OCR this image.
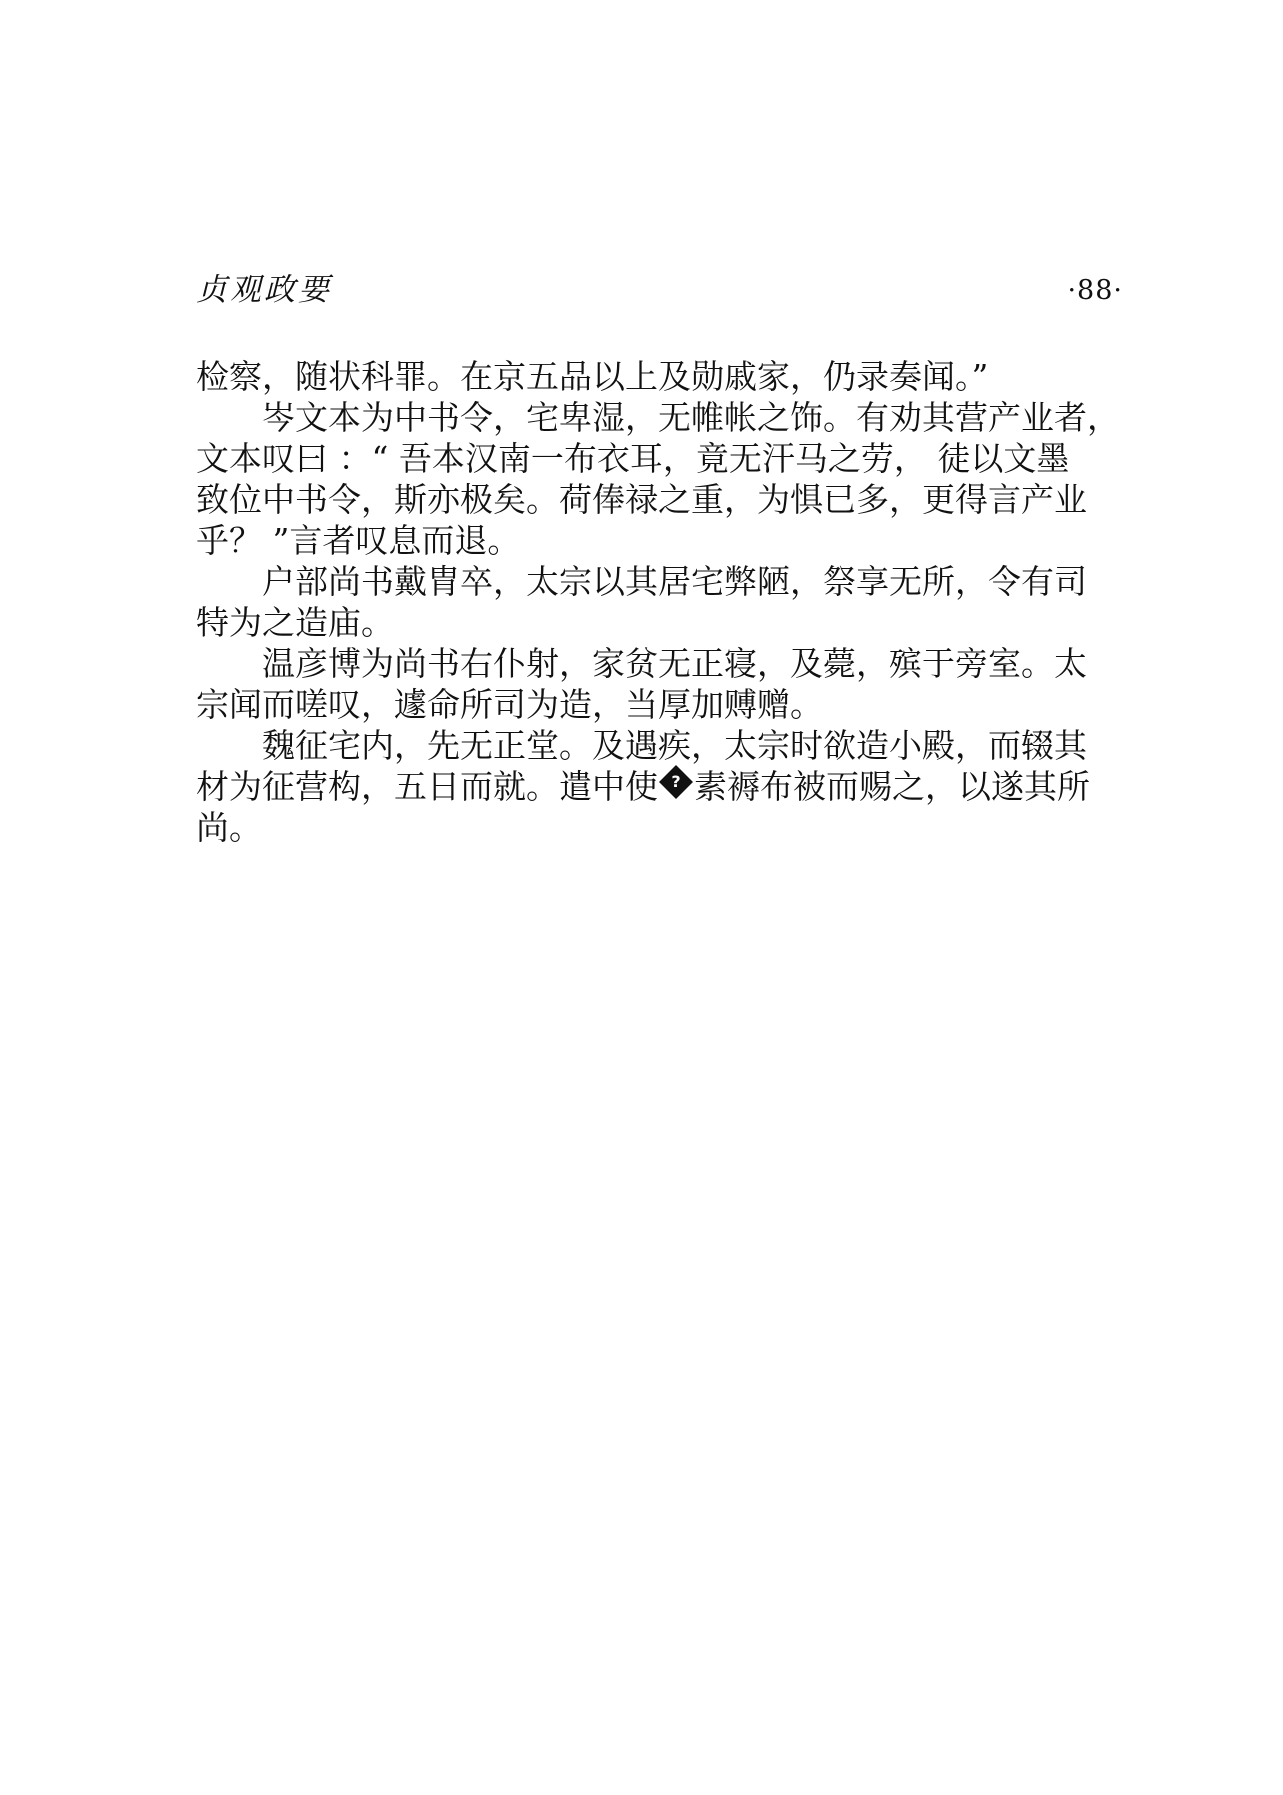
贞观政要	·88·
检察，随状科罪。在京五品以上及勋戚家，仍录奏闻。”
岑文本为中书令，宅卑湿，无帷帐之饰。有劝其营产业者，
文本叹曰 ：“ 吾本汉南一布衣耳，竟无汗马之劳， 徒以文墨
致位中书令，斯亦极矣。荷俸禄之重，为惧已多，更得言产业
乎？ ”言者叹息而退。
户部尚书戴胄卒，太宗以其居宅弊陋，祭享无所，令有司
特为之造庙。
温彦博为尚书右仆射，家贫无正寝，及薨，殡于旁室。太
宗闻而嗟叹，遽命所司为造，当厚加赙赠。
魏征宅内，先无正堂。及遇疾，太宗时欲造小殿，而辍其
材为征营构，五日而就。遣中使 ? 素褥布被而赐之，以遂其所
尚。
